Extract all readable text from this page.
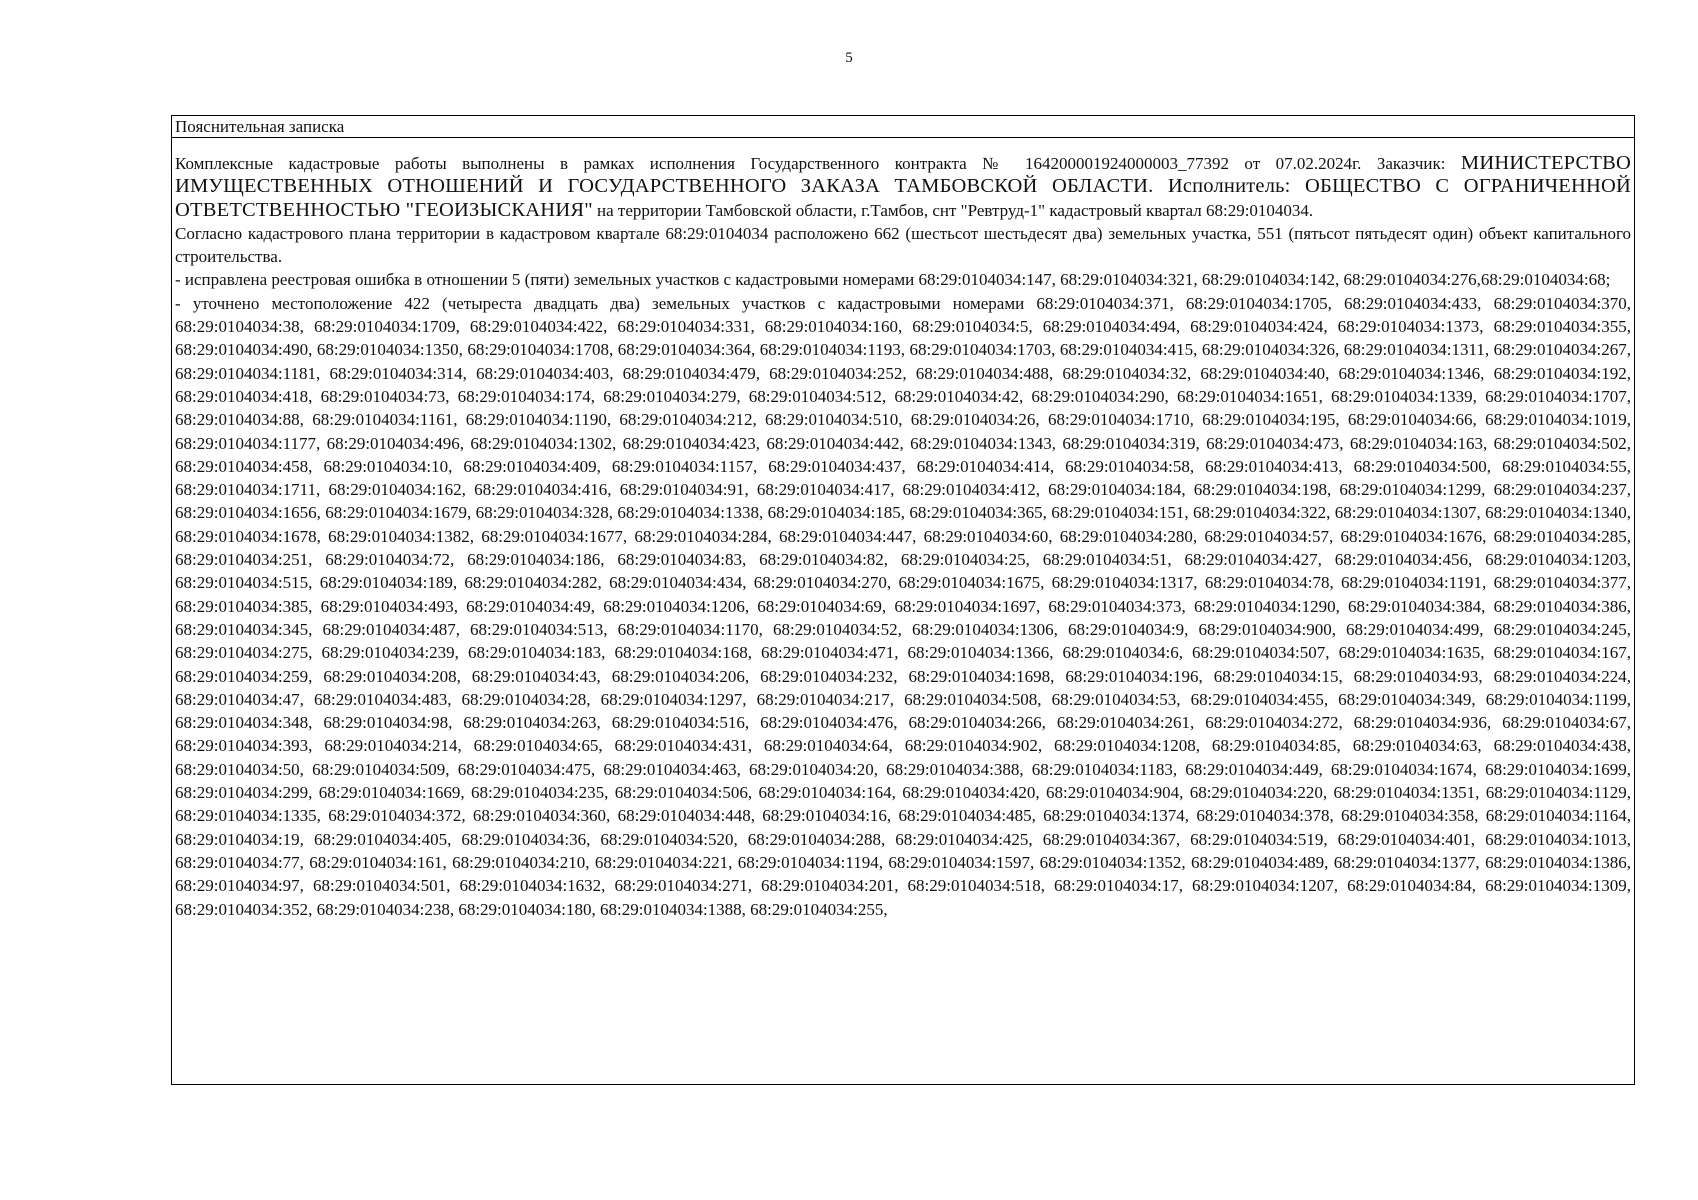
5
Пояснительная записка

Комплексные кадастровые работы выполнены в рамках исполнения Государственного контракта № 164200001924000003_77392 от 07.02.2024г. Заказчик: МИНИСТЕРСТВО ИМУЩЕСТВЕННЫХ ОТНОШЕНИЙ И ГОСУДАРСТВЕННОГО ЗАКАЗА ТАМБОВСКОЙ ОБЛАСТИ. Исполнитель: ОБЩЕСТВО С ОГРАНИЧЕННОЙ ОТВЕТСТВЕННОСТЬЮ "ГЕОИЗЫСКАНИЯ" на территории Тамбовской области, г.Тамбов, снт "Ревтруд-1" кадастровый квартал 68:29:0104034.

Согласно кадастрового плана территории в кадастровом квартале 68:29:0104034 расположено 662 (шестьсот шестьдесят два) земельных участка, 551 (пятьсот пятьдесят один) объект капитального строительства.

- исправлена реестровая ошибка в отношении 5 (пяти) земельных участков с кадастровыми номерами 68:29:0104034:147, 68:29:0104034:321, 68:29:0104034:142, 68:29:0104034:276,68:29:0104034:68;

- уточнено местоположение 422 (четыреста двадцать два) земельных участков с кадастровыми номерами 68:29:0104034:371, 68:29:0104034:1705, 68:29:0104034:433, 68:29:0104034:370, 68:29:0104034:38, 68:29:0104034:1709, 68:29:0104034:422, 68:29:0104034:331, 68:29:0104034:160, 68:29:0104034:5, 68:29:0104034:494, 68:29:0104034:424, 68:29:0104034:1373, 68:29:0104034:355, 68:29:0104034:490, 68:29:0104034:1350, 68:29:0104034:1708, 68:29:0104034:364, 68:29:0104034:1193, 68:29:0104034:1703, 68:29:0104034:415, 68:29:0104034:326, 68:29:0104034:1311, 68:29:0104034:267, 68:29:0104034:1181, 68:29:0104034:314, 68:29:0104034:403, 68:29:0104034:479, 68:29:0104034:252, 68:29:0104034:488, 68:29:0104034:32, 68:29:0104034:40, 68:29:0104034:1346, 68:29:0104034:192, 68:29:0104034:418, 68:29:0104034:73, 68:29:0104034:174, 68:29:0104034:279, 68:29:0104034:512, 68:29:0104034:42, 68:29:0104034:290, 68:29:0104034:1651, 68:29:0104034:1339, 68:29:0104034:1707, 68:29:0104034:88, 68:29:0104034:1161, 68:29:0104034:1190, 68:29:0104034:212, 68:29:0104034:510, 68:29:0104034:26, 68:29:0104034:1710, 68:29:0104034:195, 68:29:0104034:66, 68:29:0104034:1019, 68:29:0104034:1177, 68:29:0104034:496, 68:29:0104034:1302, 68:29:0104034:423, 68:29:0104034:442, 68:29:0104034:1343, 68:29:0104034:319, 68:29:0104034:473, 68:29:0104034:163, 68:29:0104034:502, 68:29:0104034:458, 68:29:0104034:10, 68:29:0104034:409, 68:29:0104034:1157, 68:29:0104034:437, 68:29:0104034:414, 68:29:0104034:58, 68:29:0104034:413, 68:29:0104034:500, 68:29:0104034:55, 68:29:0104034:1711, 68:29:0104034:162, 68:29:0104034:416, 68:29:0104034:91, 68:29:0104034:417, 68:29:0104034:412, 68:29:0104034:184, 68:29:0104034:198, 68:29:0104034:1299, 68:29:0104034:237, 68:29:0104034:1656, 68:29:0104034:1679, 68:29:0104034:328, 68:29:0104034:1338, 68:29:0104034:185, 68:29:0104034:365, 68:29:0104034:151, 68:29:0104034:322, 68:29:0104034:1307, 68:29:0104034:1340, 68:29:0104034:1678, 68:29:0104034:1382, 68:29:0104034:1677, 68:29:0104034:284, 68:29:0104034:447, 68:29:0104034:60, 68:29:0104034:280, 68:29:0104034:57, 68:29:0104034:1676, 68:29:0104034:285, 68:29:0104034:251, 68:29:0104034:72, 68:29:0104034:186, 68:29:0104034:83, 68:29:0104034:82, 68:29:0104034:25, 68:29:0104034:51, 68:29:0104034:427, 68:29:0104034:456, 68:29:0104034:1203, 68:29:0104034:515, 68:29:0104034:189, 68:29:0104034:282, 68:29:0104034:434, 68:29:0104034:270, 68:29:0104034:1675, 68:29:0104034:1317, 68:29:0104034:78, 68:29:0104034:1191, 68:29:0104034:377, 68:29:0104034:385, 68:29:0104034:493, 68:29:0104034:49, 68:29:0104034:1206, 68:29:0104034:69, 68:29:0104034:1697, 68:29:0104034:373, 68:29:0104034:1290, 68:29:0104034:384, 68:29:0104034:386, 68:29:0104034:345, 68:29:0104034:487, 68:29:0104034:513, 68:29:0104034:1170, 68:29:0104034:52, 68:29:0104034:1306, 68:29:0104034:9, 68:29:0104034:900, 68:29:0104034:499, 68:29:0104034:245, 68:29:0104034:275, 68:29:0104034:239, 68:29:0104034:183, 68:29:0104034:168, 68:29:0104034:471, 68:29:0104034:1366, 68:29:0104034:6, 68:29:0104034:507, 68:29:0104034:1635, 68:29:0104034:167, 68:29:0104034:259, 68:29:0104034:208, 68:29:0104034:43, 68:29:0104034:206, 68:29:0104034:232, 68:29:0104034:1698, 68:29:0104034:196, 68:29:0104034:15, 68:29:0104034:93, 68:29:0104034:224, 68:29:0104034:47, 68:29:0104034:483, 68:29:0104034:28, 68:29:0104034:1297, 68:29:0104034:217, 68:29:0104034:508, 68:29:0104034:53, 68:29:0104034:455, 68:29:0104034:349, 68:29:0104034:1199, 68:29:0104034:348, 68:29:0104034:98, 68:29:0104034:263, 68:29:0104034:516, 68:29:0104034:476, 68:29:0104034:266, 68:29:0104034:261, 68:29:0104034:272, 68:29:0104034:936, 68:29:0104034:67, 68:29:0104034:393, 68:29:0104034:214, 68:29:0104034:65, 68:29:0104034:431, 68:29:0104034:64, 68:29:0104034:902, 68:29:0104034:1208, 68:29:0104034:85, 68:29:0104034:63, 68:29:0104034:438, 68:29:0104034:50, 68:29:0104034:509, 68:29:0104034:475, 68:29:0104034:463, 68:29:0104034:20, 68:29:0104034:388, 68:29:0104034:1183, 68:29:0104034:449, 68:29:0104034:1674, 68:29:0104034:1699, 68:29:0104034:299, 68:29:0104034:1669, 68:29:0104034:235, 68:29:0104034:506, 68:29:0104034:164, 68:29:0104034:420, 68:29:0104034:904, 68:29:0104034:220, 68:29:0104034:1351, 68:29:0104034:1129, 68:29:0104034:1335, 68:29:0104034:372, 68:29:0104034:360, 68:29:0104034:448, 68:29:0104034:16, 68:29:0104034:485, 68:29:0104034:1374, 68:29:0104034:378, 68:29:0104034:358, 68:29:0104034:1164, 68:29:0104034:19, 68:29:0104034:405, 68:29:0104034:36, 68:29:0104034:520, 68:29:0104034:288, 68:29:0104034:425, 68:29:0104034:367, 68:29:0104034:519, 68:29:0104034:401, 68:29:0104034:1013, 68:29:0104034:77, 68:29:0104034:161, 68:29:0104034:210, 68:29:0104034:221, 68:29:0104034:1194, 68:29:0104034:1597, 68:29:0104034:1352, 68:29:0104034:489, 68:29:0104034:1377, 68:29:0104034:1386, 68:29:0104034:97, 68:29:0104034:501, 68:29:0104034:1632, 68:29:0104034:271, 68:29:0104034:201, 68:29:0104034:518, 68:29:0104034:17, 68:29:0104034:1207, 68:29:0104034:84, 68:29:0104034:1309, 68:29:0104034:352, 68:29:0104034:238, 68:29:0104034:180, 68:29:0104034:1388, 68:29:0104034:255,
